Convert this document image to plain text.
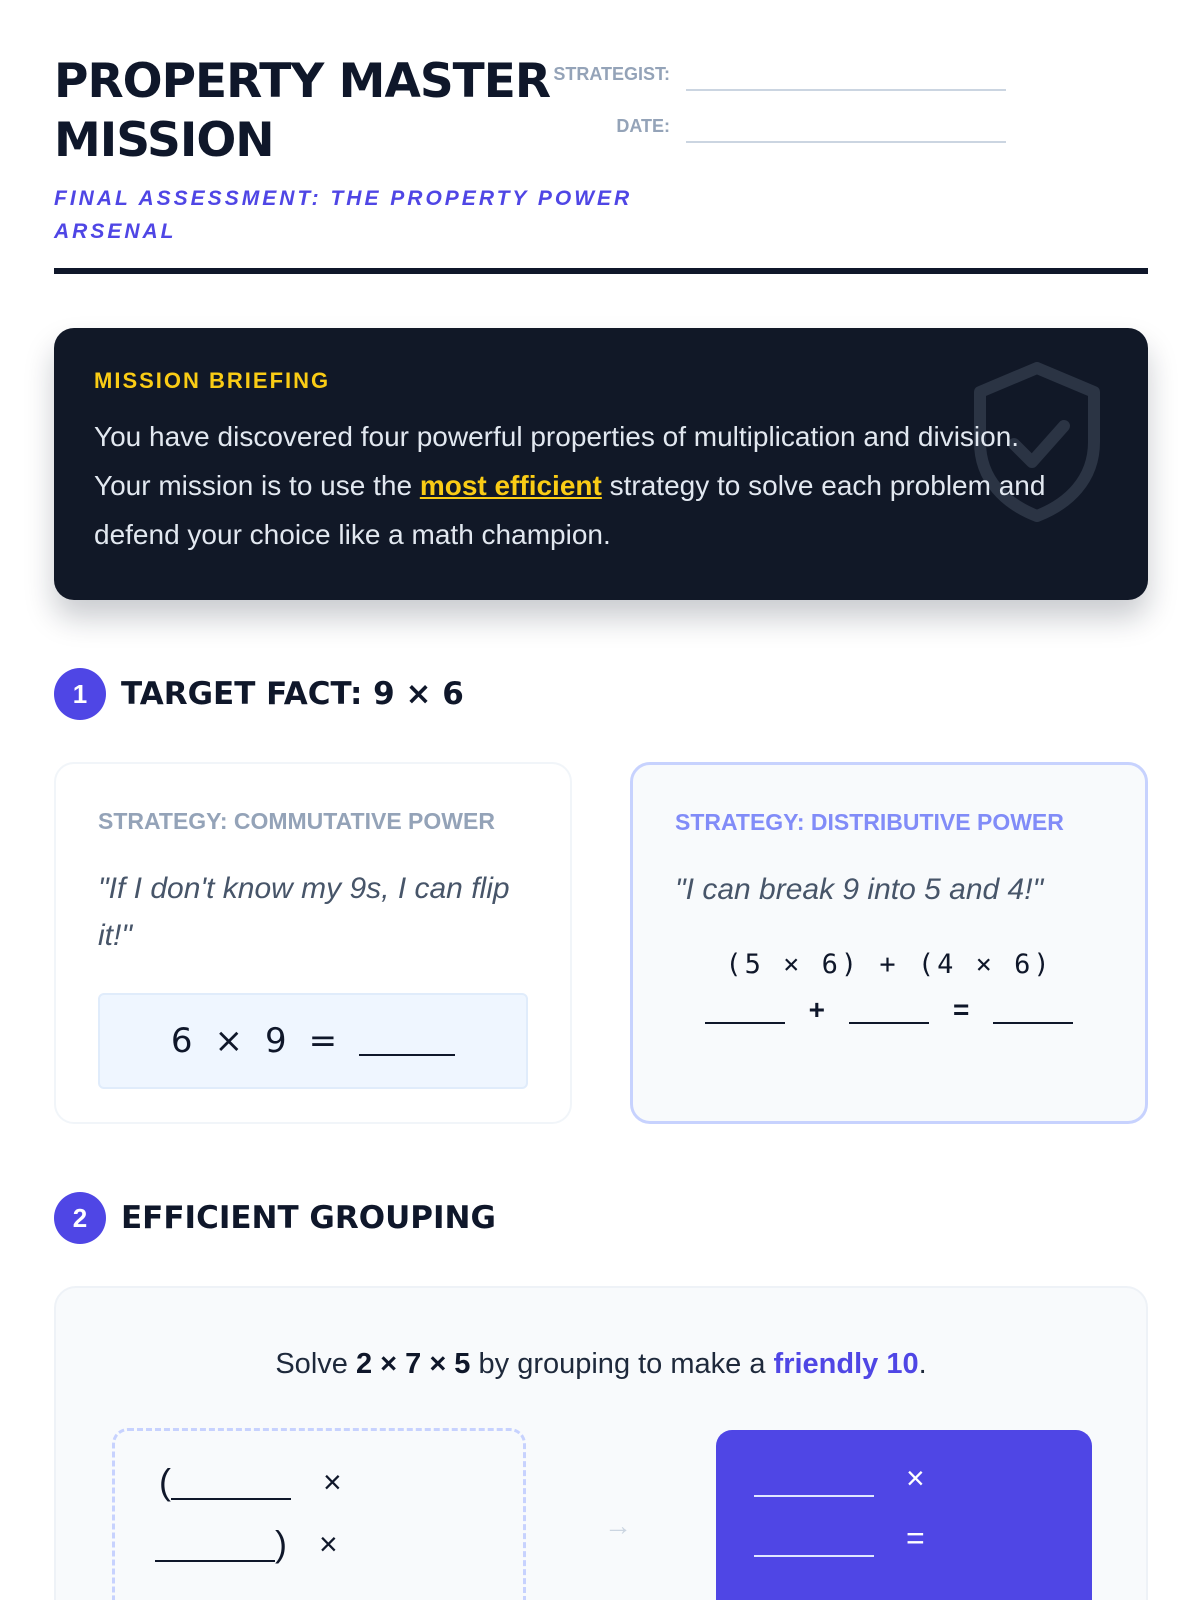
PROPERTY MASTER MISSION
FINAL ASSESSMENT: THE PROPERTY POWER ARSENAL
STRATEGIST:
DATE:
MISSION BRIEFING
You have discovered four powerful properties of multiplication and division. Your mission is to use the most efficient strategy to solve each problem and defend your choice like a math champion.
1	TARGET FACT: 9 × 6
STRATEGY: COMMUTATIVE POWER
"If I don't know my 9s, I can flip it!"
6 × 9 =
STRATEGY: DISTRIBUTIVE POWER
"I can break 9 into 5 and 4!"
(5 × 6) + (4 × 6)
+	=
2	EFFICIENT GROUPING
Solve 2 × 7 × 5 by grouping to make a friendly 10.
(	×
) ×	→
×
=
